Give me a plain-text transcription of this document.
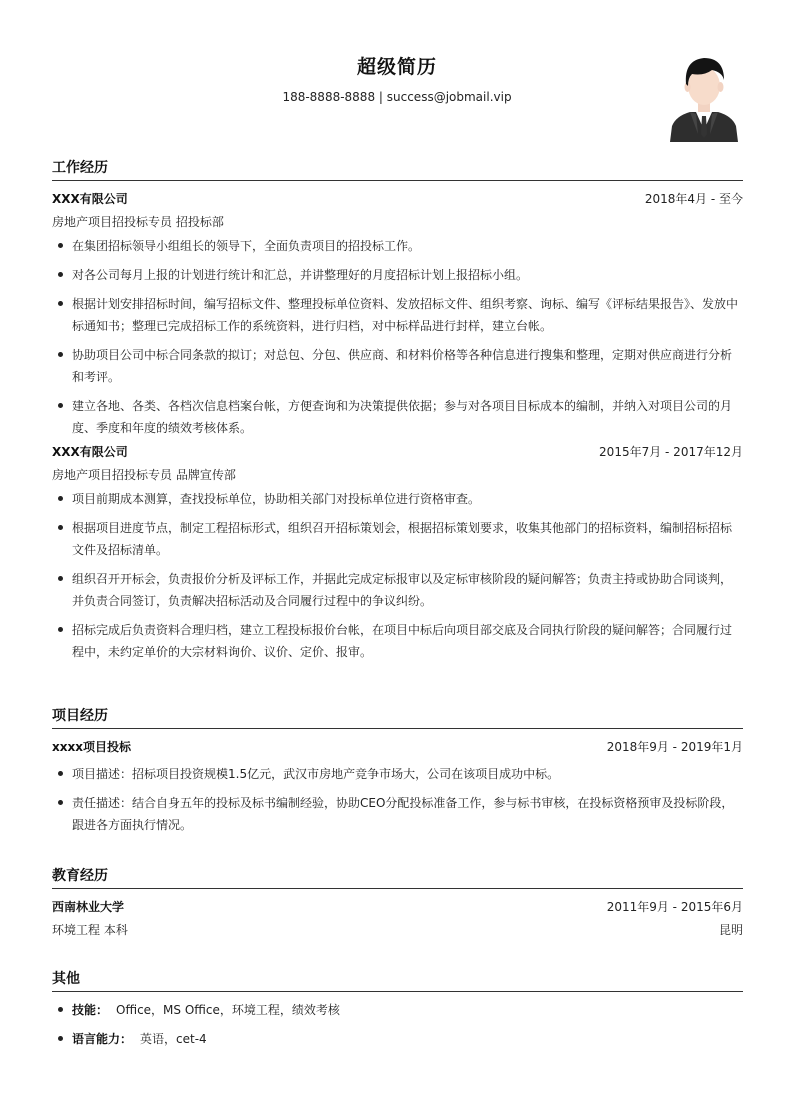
超级简历
188-8888-8888 | success@jobmail.vip
工作经历
XXX有限公司	2018年4月 - 至今
房地产项目招投标专员 招投标部
在集团招标领导小组组长的领导下，全面负责项目的招投标工作。
对各公司每月上报的计划进行统计和汇总，并讲整理好的月度招标计划上报招标小组。
根据计划安排招标时间，编写招标文件、整理投标单位资料、发放招标文件、组织考察、询标、编写《评标结果报告》、发放中标通知书；整理已完成招标工作的系统资料，进行归档，对中标样品进行封样，建立台帐。
协助项目公司中标合同条款的拟订；对总包、分包、供应商、和材料价格等各种信息进行搜集和整理，定期对供应商进行分析和考评。
建立各地、各类、各档次信息档案台帐，方便查询和为决策提供依据；参与对各项目目标成本的编制，并纳入对项目公司的月度、季度和年度的绩效考核体系。
XXX有限公司	2015年7月 - 2017年12月
房地产项目招投标专员 品牌宣传部
项目前期成本测算，查找投标单位，协助相关部门对投标单位进行资格审查。
根据项目进度节点，制定工程招标形式，组织召开招标策划会，根据招标策划要求，收集其他部门的招标资料，编制招标招标文件及招标清单。
组织召开开标会，负责报价分析及评标工作，并据此完成定标报审以及定标审核阶段的疑问解答；负责主持或协助合同谈判，并负责合同签订，负责解决招标活动及合同履行过程中的争议纠纷。
招标完成后负责资料合理归档，建立工程投标报价台帐，在项目中标后向项目部交底及合同执行阶段的疑问解答；合同履行过程中，未约定单价的大宗材料询价、议价、定价、报审。
项目经历
xxxx项目投标	2018年9月 - 2019年1月
项目描述：招标项目投资规模1.5亿元，武汉市房地产竞争市场大，公司在该项目成功中标。
责任描述：结合自身五年的投标及标书编制经验，协助CEO分配投标准备工作，参与标书审核，在投标资格预审及投标阶段，跟进各方面执行情况。
教育经历
西南林业大学	2011年9月 - 2015年6月
环境工程 本科	昆明
其他
技能： Office，MS Office，环境工程，绩效考核
语言能力： 英语，cet-4
